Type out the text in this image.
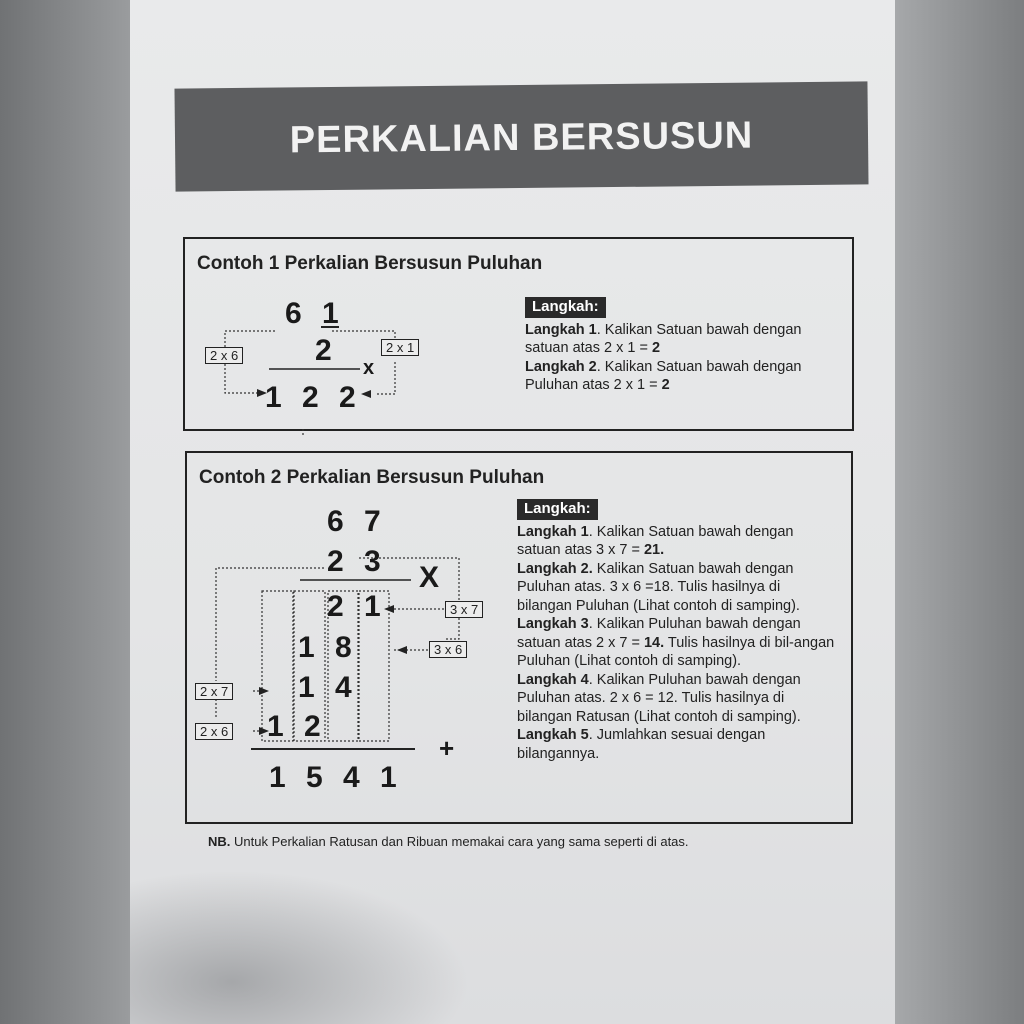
PERKALIAN BERSUSUN
Contoh 1 Perkalian Bersusun Puluhan
6 1
2
x
1 2 2
2 x 6
2 x 1
Langkah:
Langkah 1. Kalikan Satuan bawah dengan satuan atas 2 x 1 = 2
Langkah 2. Kalikan Satuan bawah dengan Puluhan atas 2 x 1 = 2
Contoh 2 Perkalian Bersusun Puluhan
6 7
2 3 X
2 1
1 8
1 4
1 2
+
1 5 4 1
3 x 7
3 x 6
2 x 7
2 x 6
Langkah:
Langkah 1. Kalikan Satuan bawah dengan satuan atas 3 x 7 = 21.
Langkah 2. Kalikan Satuan bawah dengan Puluhan atas. 3 x 6 =18. Tulis hasilnya di bilangan Puluhan (Lihat contoh di samping).
Langkah 3. Kalikan Puluhan bawah dengan satuan atas 2 x 7 = 14. Tulis hasilnya di bil-angan Puluhan (Lihat contoh di samping).
Langkah 4. Kalikan Puluhan bawah dengan Puluhan atas. 2 x 6 = 12. Tulis hasilnya di bilangan Ratusan (Lihat contoh di samping).
Langkah 5. Jumlahkan sesuai dengan bilangannya.
NB. Untuk Perkalian Ratusan dan Ribuan memakai cara yang sama seperti di atas.
